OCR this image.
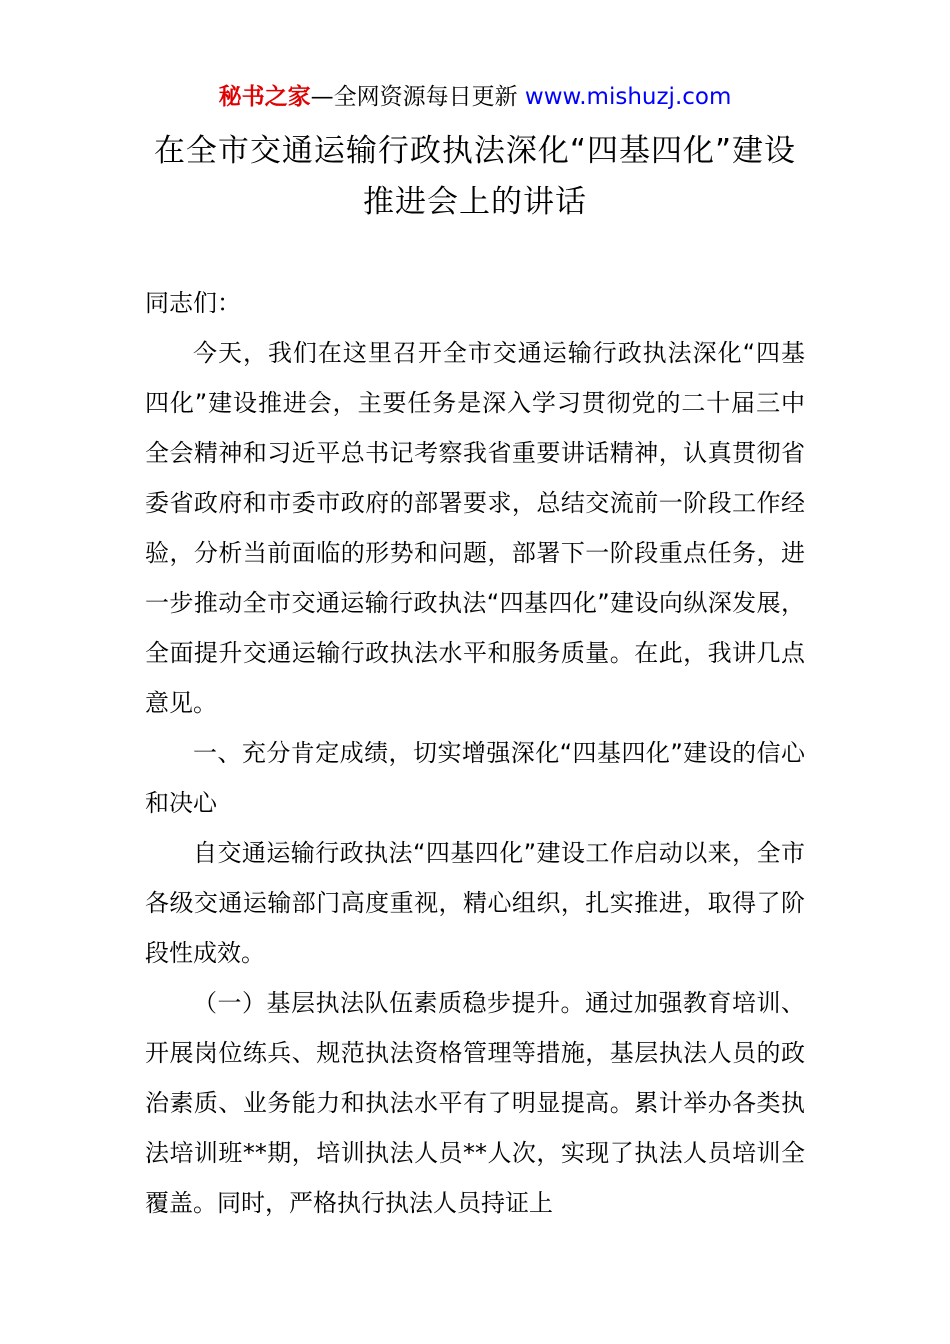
秘书之家—全网资源每日更新 www.mishuzj.com
在全市交通运输行政执法深化“四基四化”建设推进会上的讲话

同志们：

今天，我们在这里召开全市交通运输行政执法深化“四基四化”建设推进会，主要任务是深入学习贯彻党的二十届三中全会精神和习近平总书记考察我省重要讲话精神，认真贯彻省委省政府和市委市政府的部署要求，总结交流前一阶段工作经验，分析当前面临的形势和问题，部署下一阶段重点任务，进一步推动全市交通运输行政执法“四基四化”建设向纵深发展，全面提升交通运输行政执法水平和服务质量。在此，我讲几点意见。

一、充分肯定成绩，切实增强深化“四基四化”建设的信心和决心

自交通运输行政执法“四基四化”建设工作启动以来，全市各级交通运输部门高度重视，精心组织，扎实推进，取得了阶段性成效。

（一）基层执法队伍素质稳步提升。通过加强教育培训、开展岗位练兵、规范执法资格管理等措施，基层执法人员的政治素质、业务能力和执法水平有了明显提高。累计举办各类执法培训班**期，培训执法人员**人次，实现了执法人员培训全覆盖。同时，严格执行执法人员持证上
